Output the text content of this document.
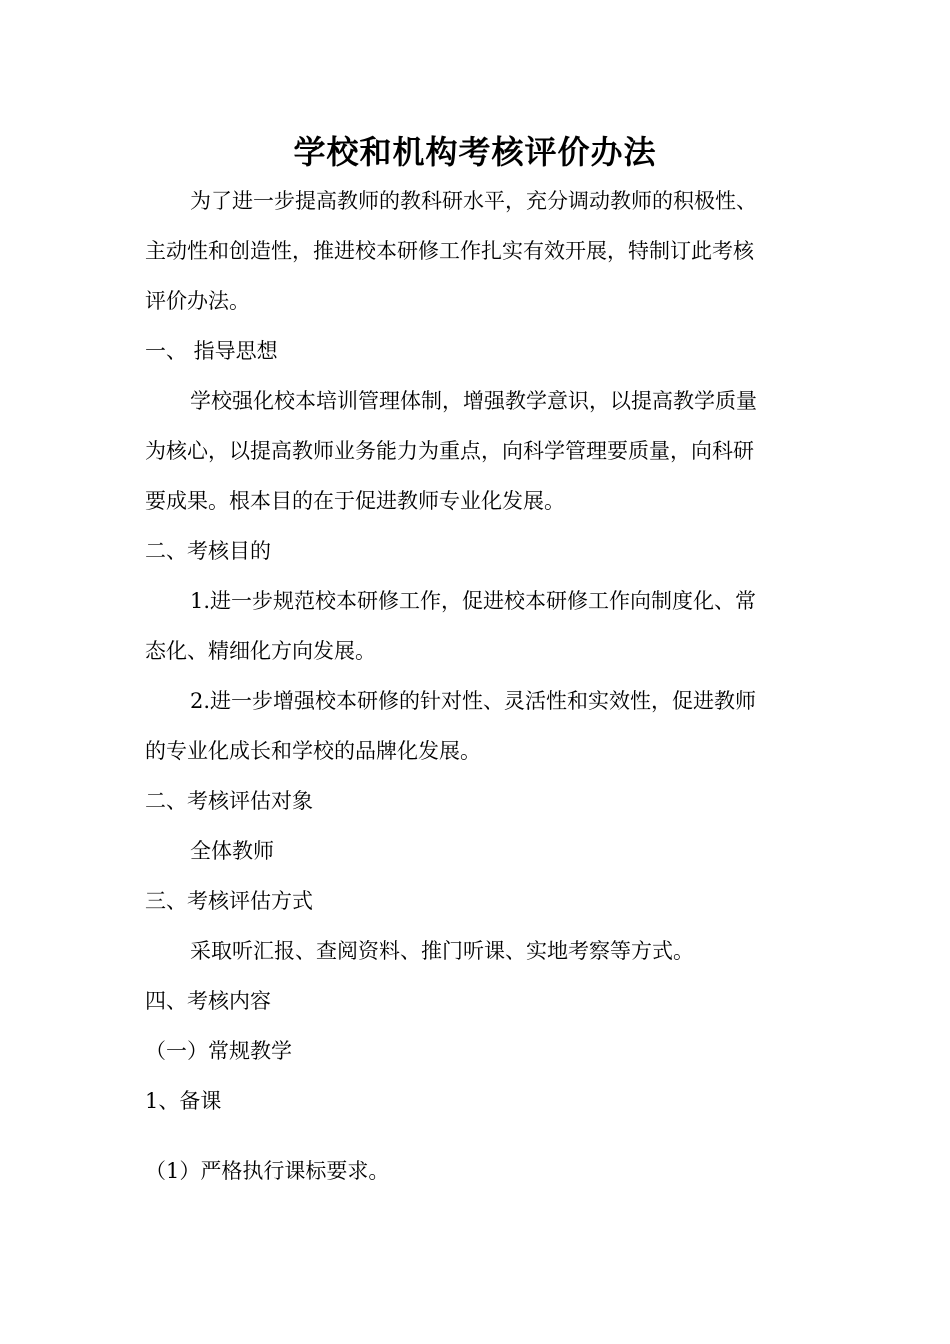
学校和机构考核评价办法
为了进一步提高教师的教科研水平，充分调动教师的积极性、
主动性和创造性，推进校本研修工作扎实有效开展，特制订此考核
评价办法。
一、 指导思想
学校强化校本培训管理体制，增强教学意识，以提高教学质量
为核心，以提高教师业务能力为重点，向科学管理要质量，向科研
要成果。根本目的在于促进教师专业化发展。
二、考核目的
1.进一步规范校本研修工作，促进校本研修工作向制度化、常
态化、精细化方向发展。
2.进一步增强校本研修的针对性、灵活性和实效性，促进教师
的专业化成长和学校的品牌化发展。
二、考核评估对象
全体教师
三、考核评估方式
采取听汇报、查阅资料、推门听课、实地考察等方式。
四、考核内容
（一）常规教学
1、备课
（1）严格执行课标要求。
